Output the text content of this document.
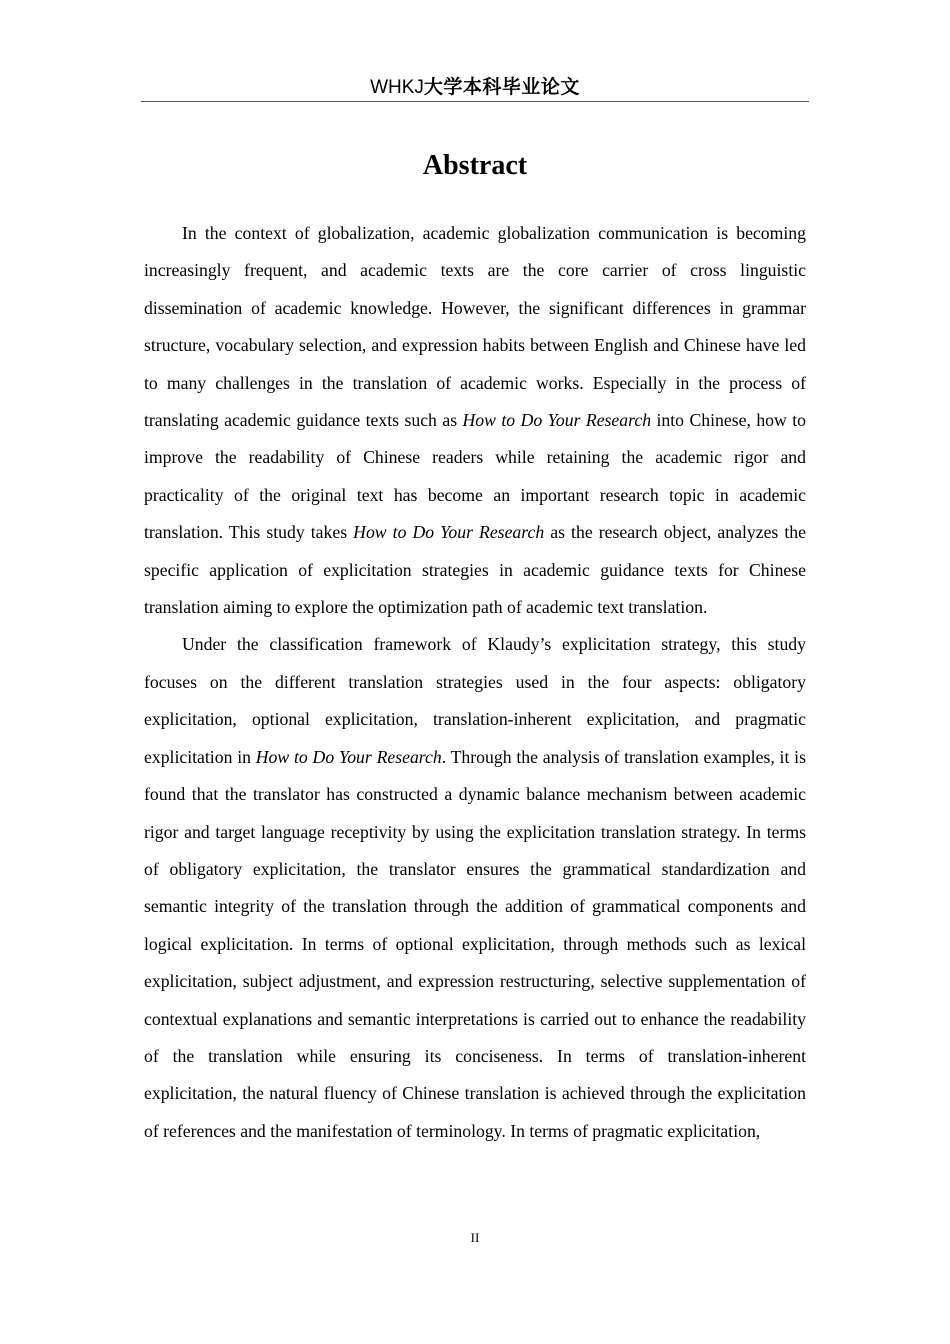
WHKJ大学本科毕业论文
Abstract

In the context of globalization, academic globalization communication is becoming increasingly frequent, and academic texts are the core carrier of cross linguistic dissemination of academic knowledge. However, the significant differences in grammar structure, vocabulary selection, and expression habits between English and Chinese have led to many challenges in the translation of academic works. Especially in the process of translating academic guidance texts such as How to Do Your Research into Chinese, how to improve the readability of Chinese readers while retaining the academic rigor and practicality of the original text has become an important research topic in academic translation. This study takes How to Do Your Research as the research object, analyzes the specific application of explicitation strategies in academic guidance texts for Chinese translation aiming to explore the optimization path of academic text translation.

Under the classification framework of Klaudy’s explicitation strategy, this study focuses on the different translation strategies used in the four aspects: obligatory explicitation, optional explicitation, translation-inherent explicitation, and pragmatic explicitation in How to Do Your Research. Through the analysis of translation examples, it is found that the translator has constructed a dynamic balance mechanism between academic rigor and target language receptivity by using the explicitation translation strategy. In terms of obligatory explicitation, the translator ensures the grammatical standardization and semantic integrity of the translation through the addition of grammatical components and logical explicitation. In terms of optional explicitation, through methods such as lexical explicitation, subject adjustment, and expression restructuring, selective supplementation of contextual explanations and semantic interpretations is carried out to enhance the readability of the translation while ensuring its conciseness. In terms of translation-inherent explicitation, the natural fluency of Chinese translation is achieved through the explicitation of references and the manifestation of terminology. In terms of pragmatic explicitation,

II
